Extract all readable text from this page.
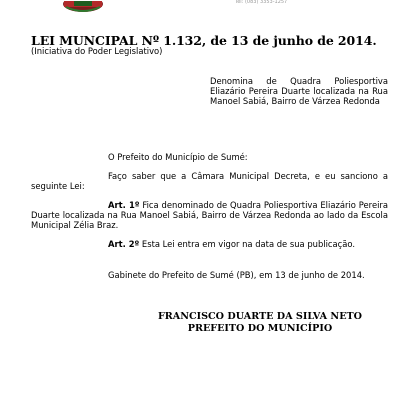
Tel: (083) 3353-1257
LEI MUNCIPAL Nº 1.132, de 13 de junho de 2014.
(Iniciativa do Poder Legislativo)
Denomina de Quadra Poliesportiva Eliazário Pereira Duarte localizada na Rua Manoel Sabiá, Bairro de Várzea Redonda
O Prefeito do Município de Sumé:
Faço saber que a Câmara Municipal Decreta, e eu sanciono a seguinte Lei:
Art. 1º Fica denominado de Quadra Poliesportiva Eliazário Pereira Duarte localizada na Rua Manoel Sabiá, Bairro de Várzea Redonda ao lado da Escola Municipal Zélia Braz.
Art. 2º Esta Lei entra em vigor na data de sua publicação.
Gabinete do Prefeito de Sumé (PB), em 13 de junho de 2014.
FRANCISCO DUARTE DA SILVA NETO
PREFEITO DO MUNICÍPIO
